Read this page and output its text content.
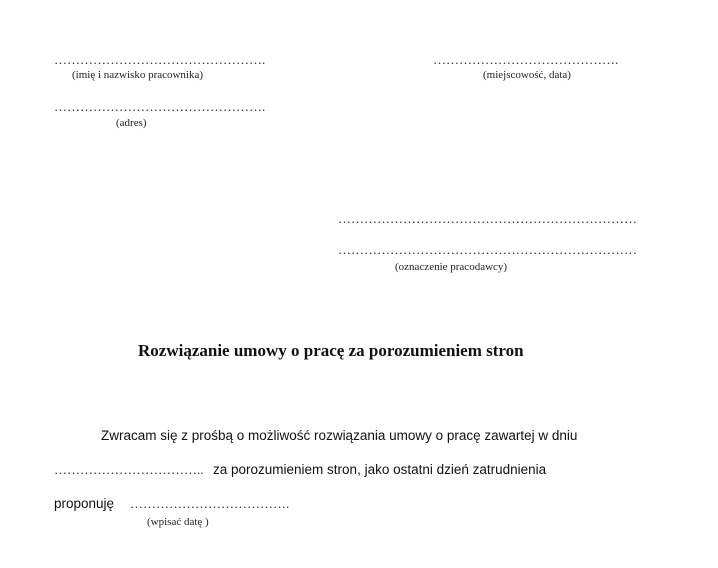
………………………………………….
(imię i nazwisko pracownika)
…………………………………….
(miejscowość, data)
………………………………………….
(adres)
……………………………………………………………
……………………………………………………………
(oznaczenie pracodawcy)
Rozwiązanie umowy o pracę za porozumieniem stron
Zwracam się z prośbą o możliwość rozwiązania umowy o pracę zawartej w dniu
…………………………….. za porozumieniem stron, jako ostatni dzień zatrudnienia
proponuję ……………………………….
(wpisać datę )
